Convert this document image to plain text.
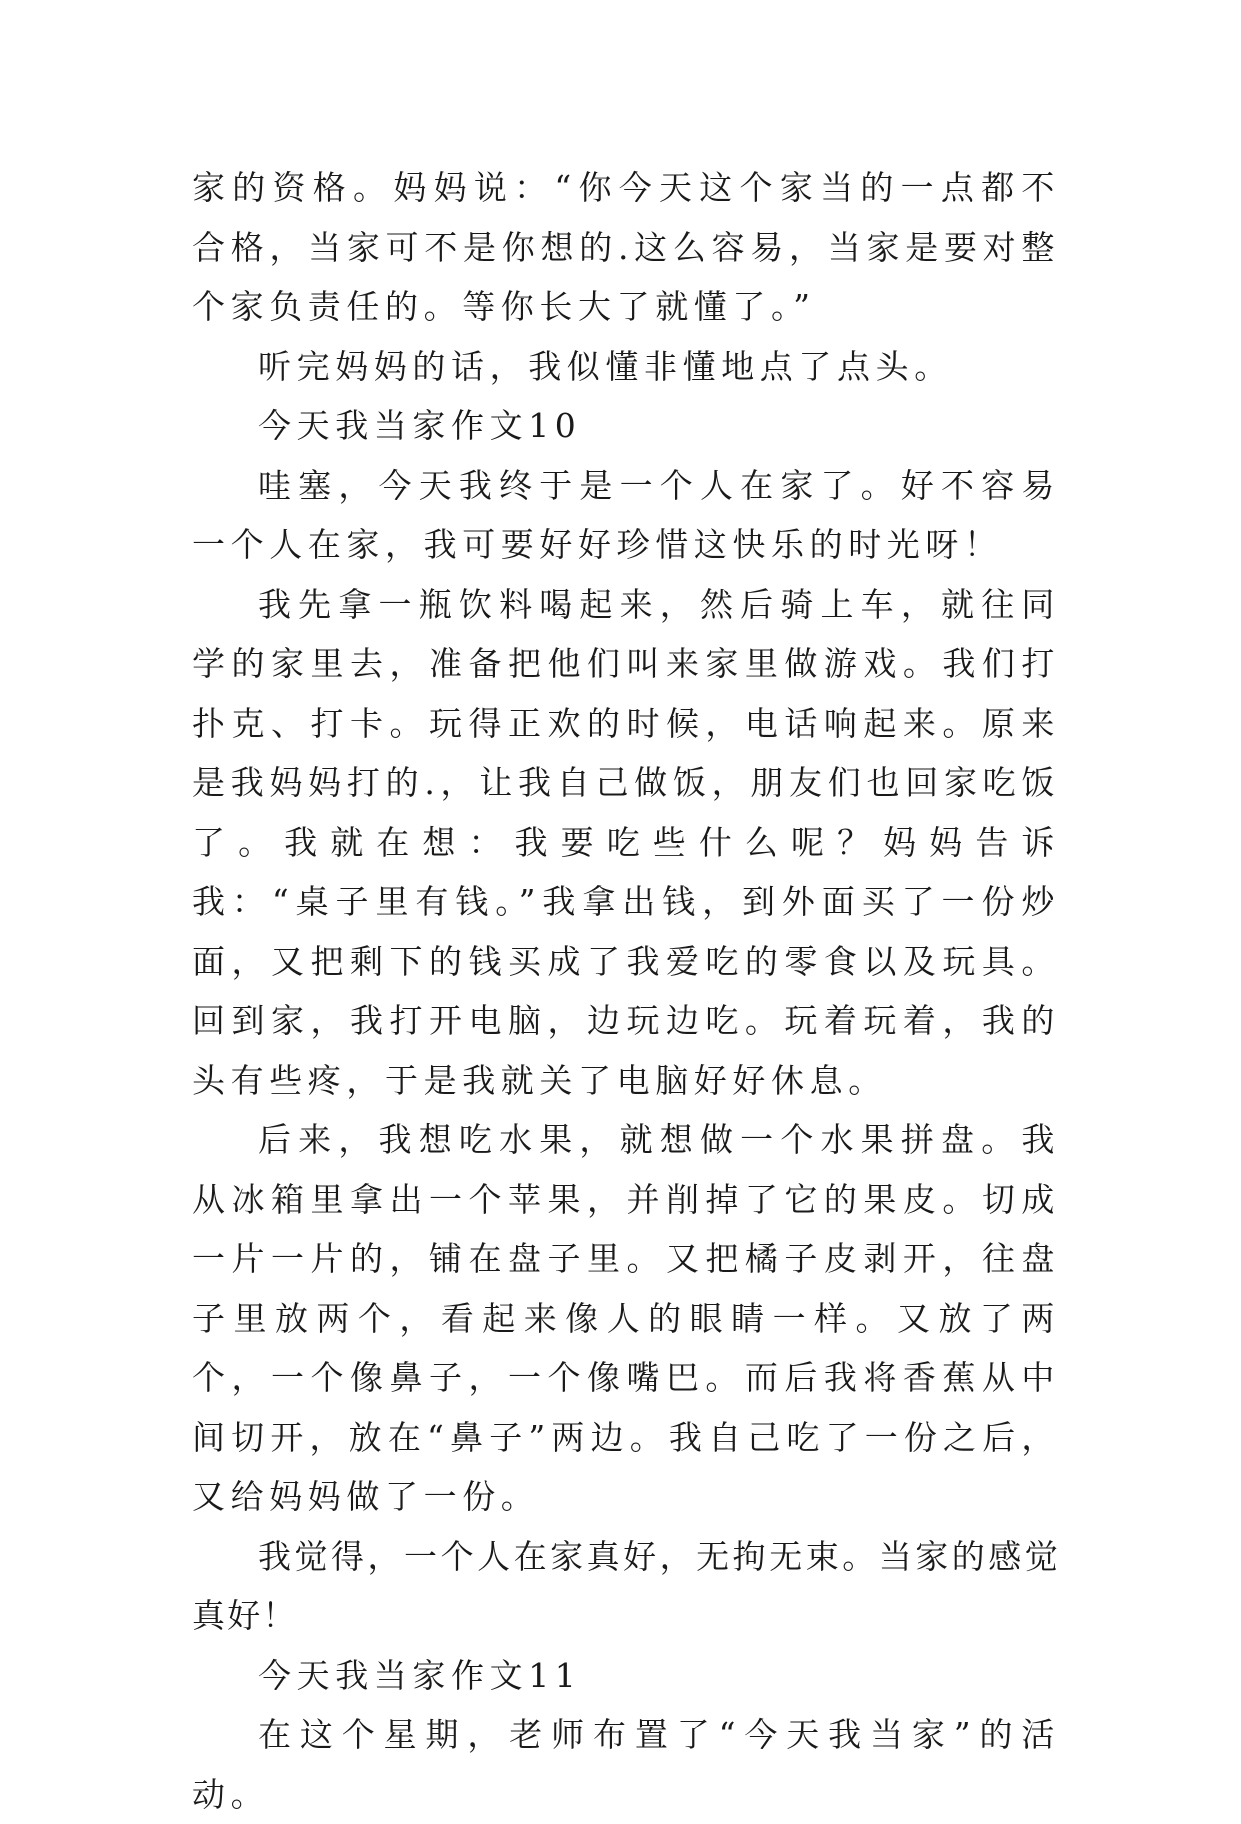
家的资格。妈妈说：“你今天这个家当的一点都不合格，当家可不是你想的.这么容易，当家是要对整个家负责任的。等你长大了就懂了。”

听完妈妈的话，我似懂非懂地点了点头。

今天我当家作文10

哇塞，今天我终于是一个人在家了。好不容易一个人在家，我可要好好珍惜这快乐的时光呀！

我先拿一瓶饮料喝起来，然后骑上车，就往同学的家里去，准备把他们叫来家里做游戏。我们打扑克、打卡。玩得正欢的时候，电话响起来。原来是我妈妈打的.，让我自己做饭，朋友们也回家吃饭了。我就在想：我要吃些什么呢？妈妈告诉我：“桌子里有钱。”我拿出钱，到外面买了一份炒面，又把剩下的钱买成了我爱吃的零食以及玩具。回到家，我打开电脑，边玩边吃。玩着玩着，我的头有些疼，于是我就关了电脑好好休息。

后来，我想吃水果，就想做一个水果拼盘。我从冰箱里拿出一个苹果，并削掉了它的果皮。切成一片一片的，铺在盘子里。又把橘子皮剥开，往盘子里放两个，看起来像人的眼睛一样。又放了两个，一个像鼻子，一个像嘴巴。而后我将香蕉从中间切开，放在“鼻子”两边。我自己吃了一份之后，又给妈妈做了一份。

我觉得，一个人在家真好，无拘无束。当家的感觉真好！

今天我当家作文11

在这个星期，老师布置了“今天我当家”的活动。
